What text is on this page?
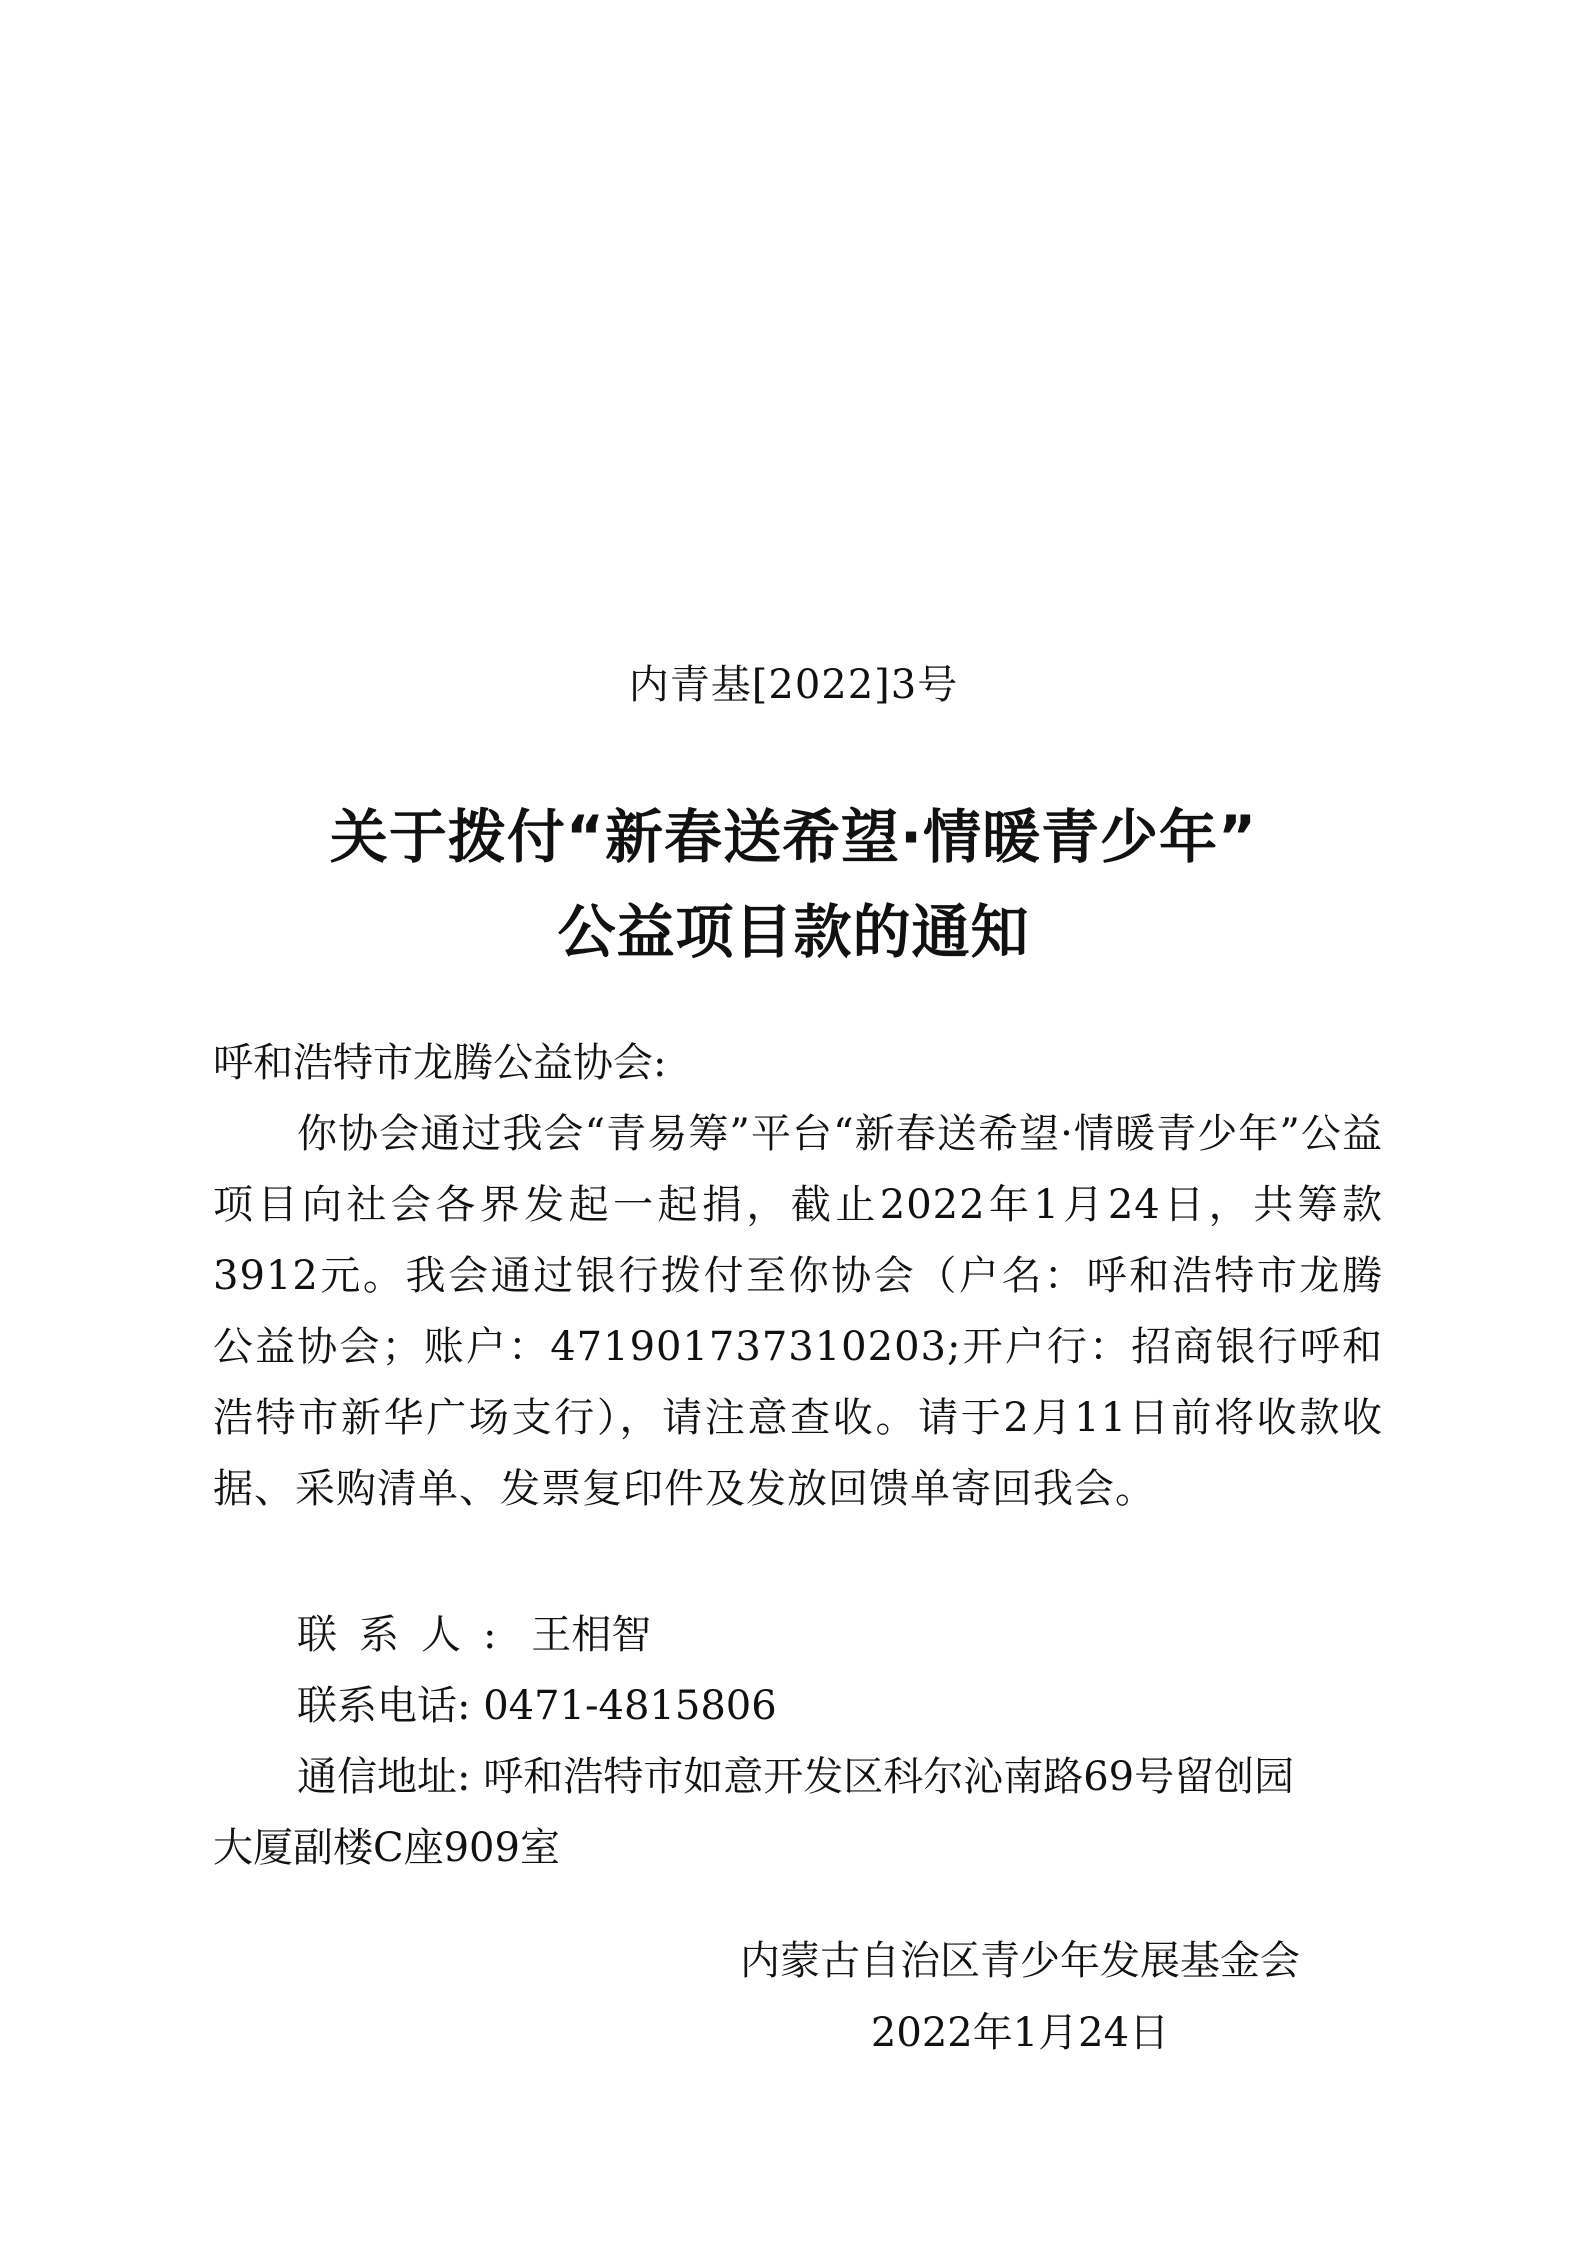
内青基[2022]3号
关于拨付“新春送希望·情暖青少年”
公益项目款的通知
呼和浩特市龙腾公益协会:
你协会通过我会“青易筹”平台“新春送希望·情暖青少年”公益项目向社会各界发起一起捐，截止2022年1月24日，共筹款3912元。我会通过银行拨付至你协会（户名：呼和浩特市龙腾公益协会；账户：471901737310203;开户行：招商银行呼和浩特市新华广场支行），请注意查收。请于2月11日前将收款收据、采购清单、发票复印件及发放回馈单寄回我会。
联系人: 王相智
联系电话: 0471-4815806
通信地址: 呼和浩特市如意开发区科尔沁南路69号留创园
大厦副楼C座909室
内蒙古自治区青少年发展基金会
2022年1月24日
